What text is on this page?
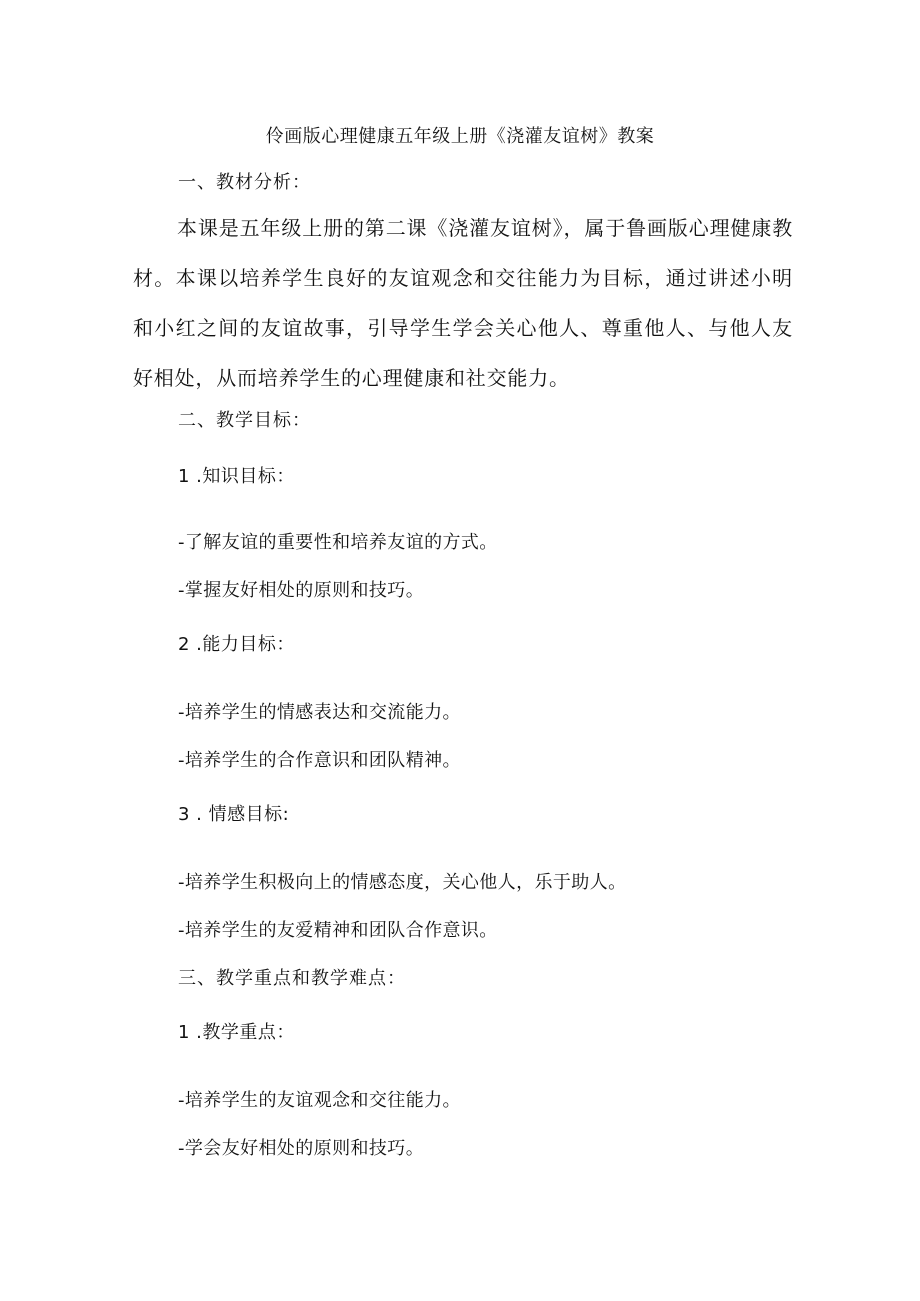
伶画版心理健康五年级上册《浇灌友谊树》教案
一、教材分析：
本课是五年级上册的第二课《浇灌友谊树》，属于鲁画版心理健康教材。本课以培养学生良好的友谊观念和交往能力为目标，通过讲述小明和小红之间的友谊故事，引导学生学会关心他人、尊重他人、与他人友好相处，从而培养学生的心理健康和社交能力。
二、教学目标：
1 .知识目标：
-了解友谊的重要性和培养友谊的方式。
-掌握友好相处的原则和技巧。
2 .能力目标：
-培养学生的情感表达和交流能力。
-培养学生的合作意识和团队精神。
3 . 情感目标:
-培养学生积极向上的情感态度，关心他人，乐于助人。
-培养学生的友爱精神和团队合作意识。
三、教学重点和教学难点：
1 .教学重点：
-培养学生的友谊观念和交往能力。
-学会友好相处的原则和技巧。
